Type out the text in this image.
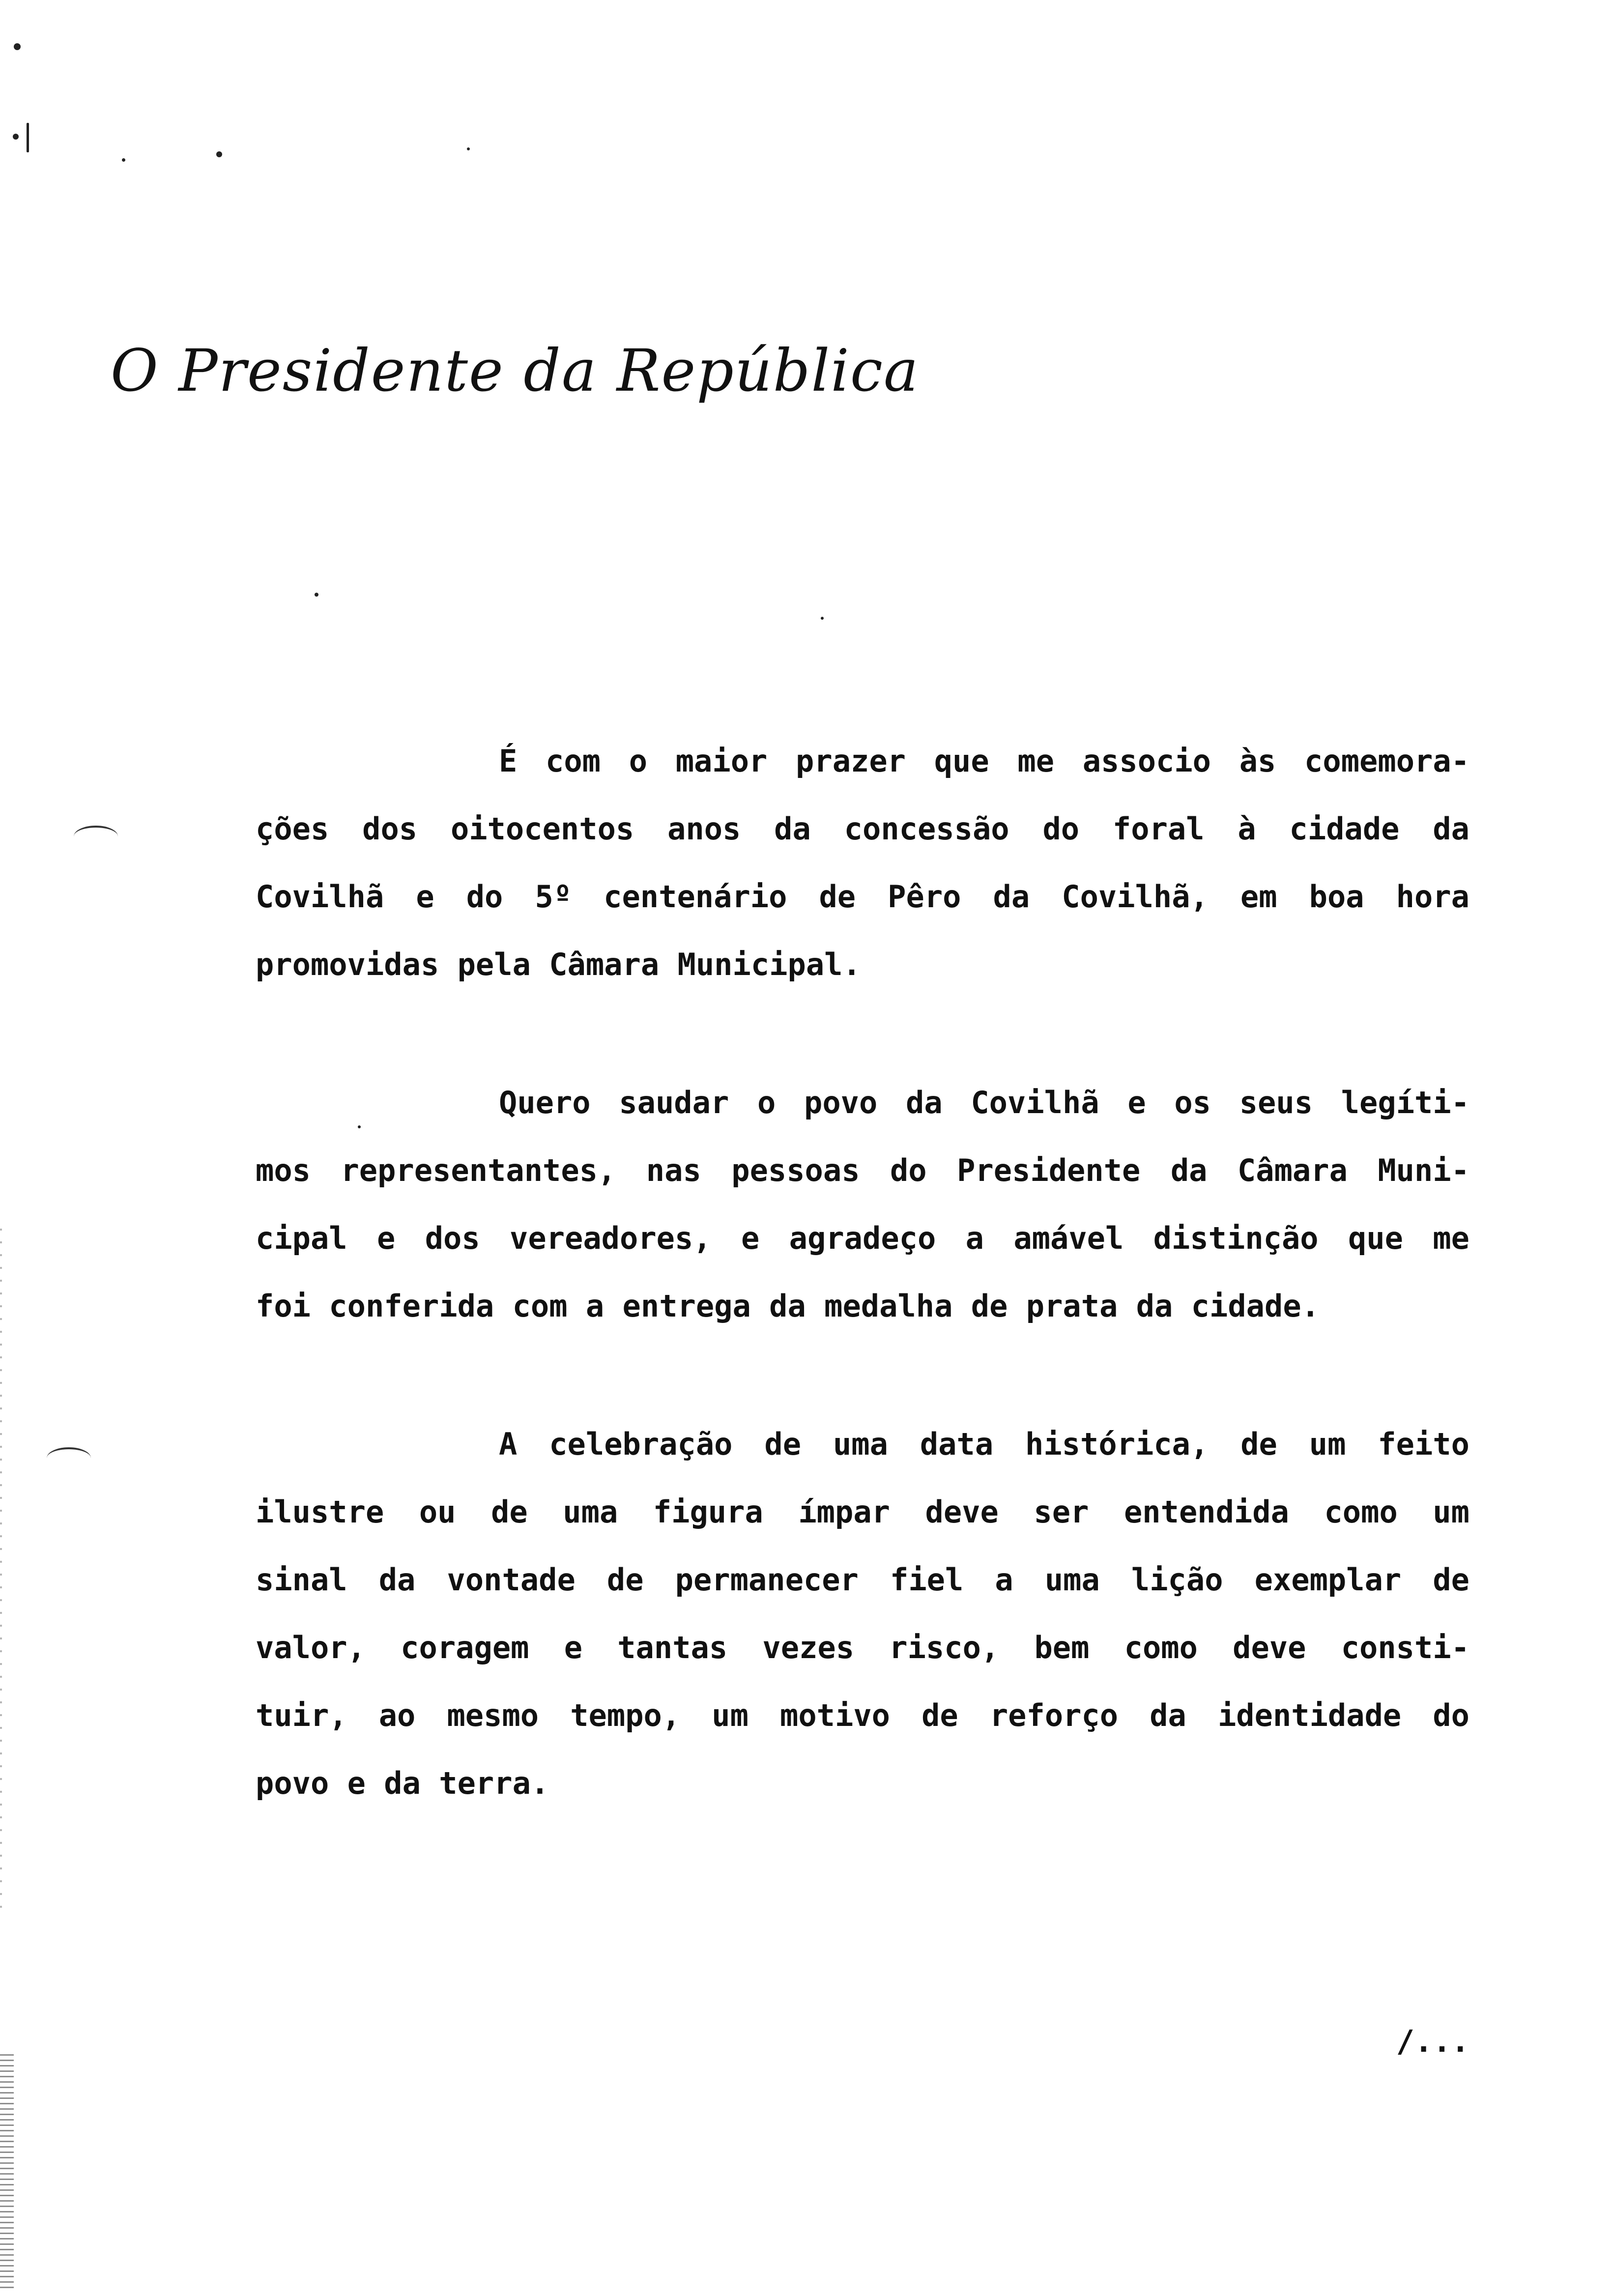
O Presidente da República
É com o maior prazer que me associo às comemora-
ções dos oitocentos anos da concessão do foral à cidade da
Covilhã e do 5º centenário de Pêro da Covilhã, em boa hora
promovidas pela Câmara Municipal.
Quero saudar o povo da Covilhã e os seus legíti-
mos representantes, nas pessoas do Presidente da Câmara Muni-
cipal e dos vereadores, e agradeço a amável distinção que me
foi conferida com a entrega da medalha de prata da cidade.
A celebração de uma data histórica, de um feito
ilustre ou de uma figura ímpar deve ser entendida como um
sinal da vontade de permanecer fiel a uma lição exemplar de
valor, coragem e tantas vezes risco, bem como deve consti-
tuir, ao mesmo tempo, um motivo de reforço da identidade do
povo e da terra.
/...
